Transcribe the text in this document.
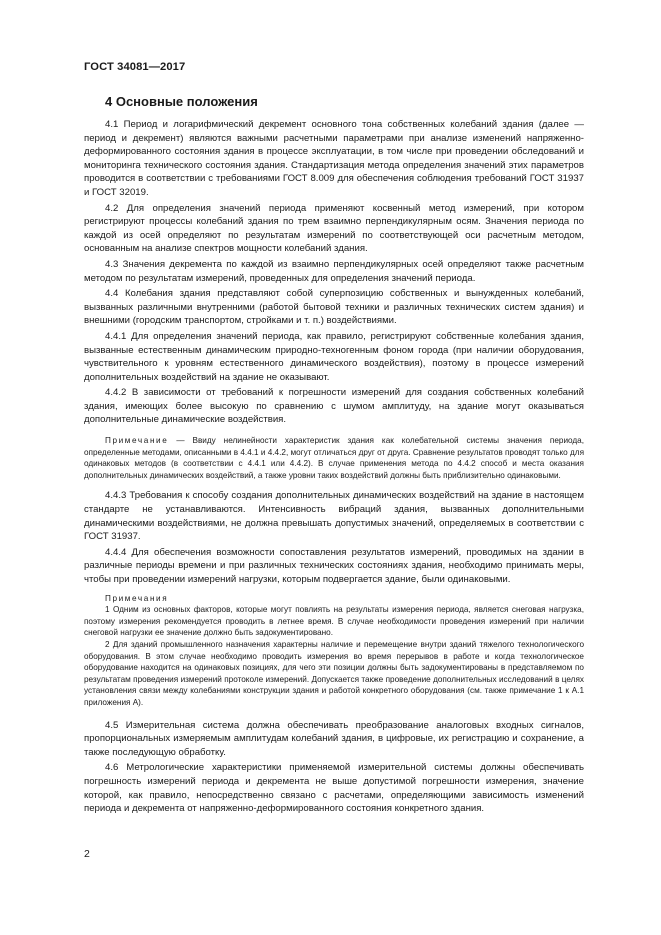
ГОСТ 34081—2017
4 Основные положения

4.1 Период и логарифмический декремент основного тона собственных колебаний здания (далее — период и декремент) являются важными расчетными параметрами при анализе изменений напряженно-деформированного состояния здания в процессе эксплуатации, в том числе при проведении обследований и мониторинга технического состояния здания. Стандартизация метода определения значений этих параметров проводится в соответствии с требованиями ГОСТ 8.009 для обеспечения соблюдения требований ГОСТ 31937 и ГОСТ 32019.

4.2 Для определения значений периода применяют косвенный метод измерений, при котором регистрируют процессы колебаний здания по трем взаимно перпендикулярным осям. Значения периода по каждой из осей определяют по результатам измерений по соответствующей оси расчетным методом, основанным на анализе спектров мощности колебаний здания.

4.3 Значения декремента по каждой из взаимно перпендикулярных осей определяют также расчетным методом по результатам измерений, проведенных для определения значений периода.

4.4 Колебания здания представляют собой суперпозицию собственных и вынужденных колебаний, вызванных различными внутренними (работой бытовой техники и различных технических систем здания) и внешними (городским транспортом, стройками и т. п.) воздействиями.

4.4.1 Для определения значений периода, как правило, регистрируют собственные колебания здания, вызванные естественным динамическим природно-техногенным фоном города (при наличии оборудования, чувствительного к уровням естественного динамического воздействия), поэтому в процессе измерений дополнительных воздействий на здание не оказывают.

4.4.2 В зависимости от требований к погрешности измерений для создания собственных колебаний здания, имеющих более высокую по сравнению с шумом амплитуду, на здание могут оказываться дополнительные динамические воздействия.

Примечание — Ввиду нелинейности характеристик здания как колебательной системы значения периода, определенные методами, описанными в 4.4.1 и 4.4.2, могут отличаться друг от друга. Сравнение результатов проводят только для одинаковых методов (в соответствии с 4.4.1 или 4.4.2). В случае применения метода по 4.4.2 способ и места оказания дополнительных динамических воздействий, а также уровни таких воздействий должны быть приблизительно одинаковыми.

4.4.3 Требования к способу создания дополнительных динамических воздействий на здание в настоящем стандарте не устанавливаются. Интенсивность вибраций здания, вызванных дополнительными динамическими воздействиями, не должна превышать допустимых значений, определяемых в соответствии с ГОСТ 31937.

4.4.4 Для обеспечения возможности сопоставления результатов измерений, проводимых на здании в различные периоды времени и при различных технических состояниях здания, необходимо принимать меры, чтобы при проведении измерений нагрузки, которым подвергается здание, были одинаковыми.

Примечания

1 Одним из основных факторов, которые могут повлиять на результаты измерения периода, является снеговая нагрузка, поэтому измерения рекомендуется проводить в летнее время. В случае необходимости проведения измерений при наличии снеговой нагрузки ее значение должно быть задокументировано.

2 Для зданий промышленного назначения характерны наличие и перемещение внутри зданий тяжелого технологического оборудования. В этом случае необходимо проводить измерения во время перерывов в работе и когда технологическое оборудование находится на одинаковых позициях, для чего эти позиции должны быть задокументированы в представляемом по результатам проведения измерений протоколе измерений. Допускается также проведение дополнительных исследований в целях установления связи между колебаниями конструкции здания и работой конкретного оборудования (см. также примечание 1 к А.1 приложения А).

4.5 Измерительная система должна обеспечивать преобразование аналоговых входных сигналов, пропорциональных измеряемым амплитудам колебаний здания, в цифровые, их регистрацию и сохранение, а также последующую обработку.

4.6 Метрологические характеристики применяемой измерительной системы должны обеспечивать погрешность измерений периода и декремента не выше допустимой погрешности измерения, значение которой, как правило, непосредственно связано с расчетами, определяющими зависимость изменений периода и декремента от напряженно-деформированного состояния конкретного здания.

2
